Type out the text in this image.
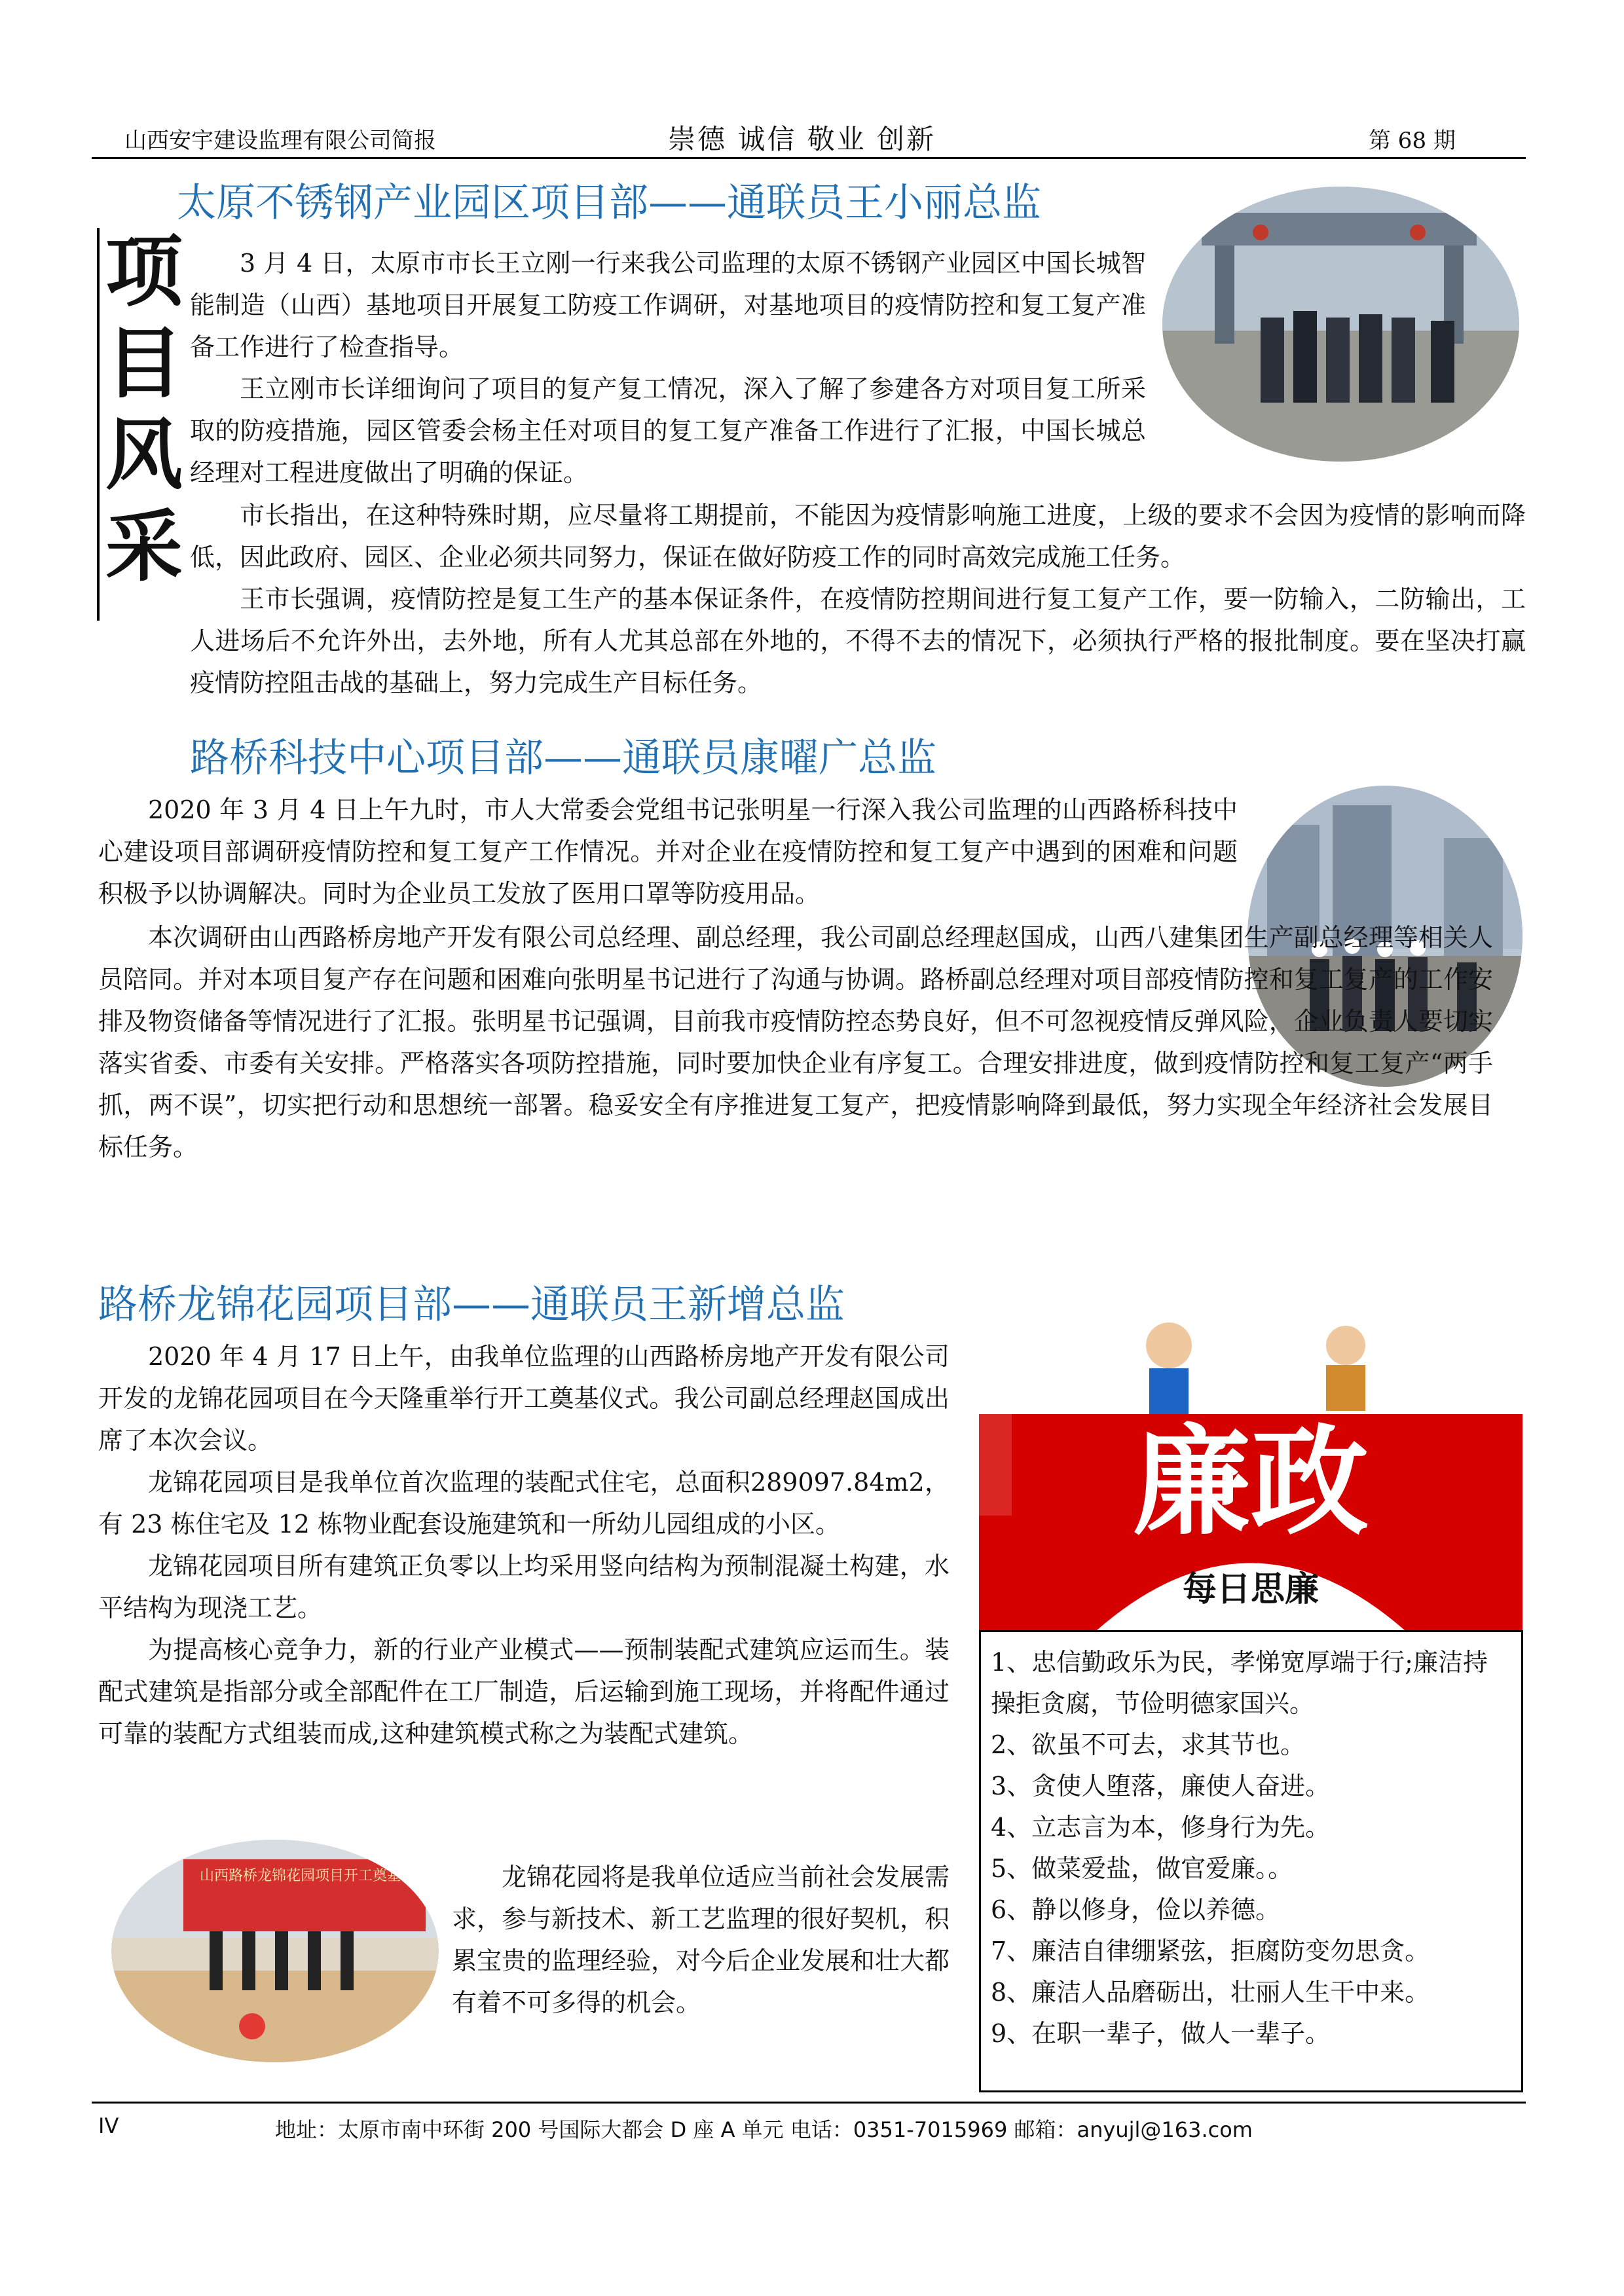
山西安宇建设监理有限公司简报	崇德 诚信 敬业 创新	第 68 期
项
目
风
采
太原不锈钢产业园区项目部——通联员王小丽总监

3 月 4 日，太原市市长王立刚一行来我公司监理的太原不锈钢产业园区中国长城智能制造（山西）基地项目开展复工防疫工作调研，对基地项目的疫情防控和复工复产准备工作进行了检查指导。

王立刚市长详细询问了项目的复产复工情况，深入了解了参建各方对项目复工所采取的防疫措施，园区管委会杨主任对项目的复工复产准备工作进行了汇报，中国长城总经理对工程进度做出了明确的保证。

市长指出，在这种特殊时期，应尽量将工期提前，不能因为疫情影响施工进度，上级的要求不会因为疫情的影响而降低，因此政府、园区、企业必须共同努力，保证在做好防疫工作的同时高效完成施工任务。

王市长强调，疫情防控是复工生产的基本保证条件，在疫情防控期间进行复工复产工作，要一防输入，二防输出，工人进场后不允许外出，去外地，所有人尤其总部在外地的，不得不去的情况下，必须执行严格的报批制度。要在坚决打赢疫情防控阻击战的基础上，努力完成生产目标任务。

路桥科技中心项目部——通联员康曜广总监

2020 年 3 月 4 日上午九时，市人大常委会党组书记张明星一行深入我公司监理的山西路桥科技中心建设项目部调研疫情防控和复工复产工作情况。并对企业在疫情防控和复工复产中遇到的困难和问题积极予以协调解决。同时为企业员工发放了医用口罩等防疫用品。

本次调研由山西路桥房地产开发有限公司总经理、副总经理，我公司副总经理赵国成，山西八建集团生产副总经理等相关人员陪同。并对本项目复产存在问题和困难向张明星书记进行了沟通与协调。路桥副总经理对项目部疫情防控和复工复产的工作安排及物资储备等情况进行了汇报。张明星书记强调，目前我市疫情防控态势良好，但不可忽视疫情反弹风险，企业负责人要切实落实省委、市委有关安排。严格落实各项防控措施，同时要加快企业有序复工。合理安排进度，做到疫情防控和复工复产“两手抓，两不误”，切实把行动和思想统一部署。稳妥安全有序推进复工复产，把疫情影响降到最低，努力实现全年经济社会发展目标任务。

路桥龙锦花园项目部——通联员王新增总监

2020 年 4 月 17 日上午，由我单位监理的山西路桥房地产开发有限公司开发的龙锦花园项目在今天隆重举行开工奠基仪式。我公司副总经理赵国成出席了本次会议。

龙锦花园项目是我单位首次监理的装配式住宅，总面积289097.84m2，有 23 栋住宅及 12 栋物业配套设施建筑和一所幼儿园组成的小区。

龙锦花园项目所有建筑正负零以上均采用竖向结构为预制混凝土构建，水平结构为现浇工艺。

为提高核心竞争力，新的行业产业模式——预制装配式建筑应运而生。装配式建筑是指部分或全部配件在工厂制造，后运输到施工现场，并将配件通过可靠的装配方式组装而成,这种建筑模式称之为装配式建筑。

山西路桥龙锦花园项目开工奠基仪	龙锦花园将是我单位适应当前社会发展需求，参与新技术、新工艺监理的很好契机，积累宝贵的监理经验，对今后企业发展和壮大都有着不可多得的机会。

廉政
每日思廉

1、忠信勤政乐为民，孝悌宽厚端于行;廉洁持操拒贪腐，节俭明德家国兴。

2、欲虽不可去，求其节也。

3、贪使人堕落，廉使人奋进。

4、立志言为本，修身行为先。

5、做菜爱盐，做官爱廉。。

6、静以修身，俭以养德。

7、廉洁自律绷紧弦，拒腐防变勿思贪。

8、廉洁人品磨砺出，壮丽人生干中来。

9、在职一辈子，做人一辈子。

IV	地址：太原市南中环街 200 号国际大都会 D 座 A 单元 电话：0351-7015969 邮箱：anyujl@163.com
